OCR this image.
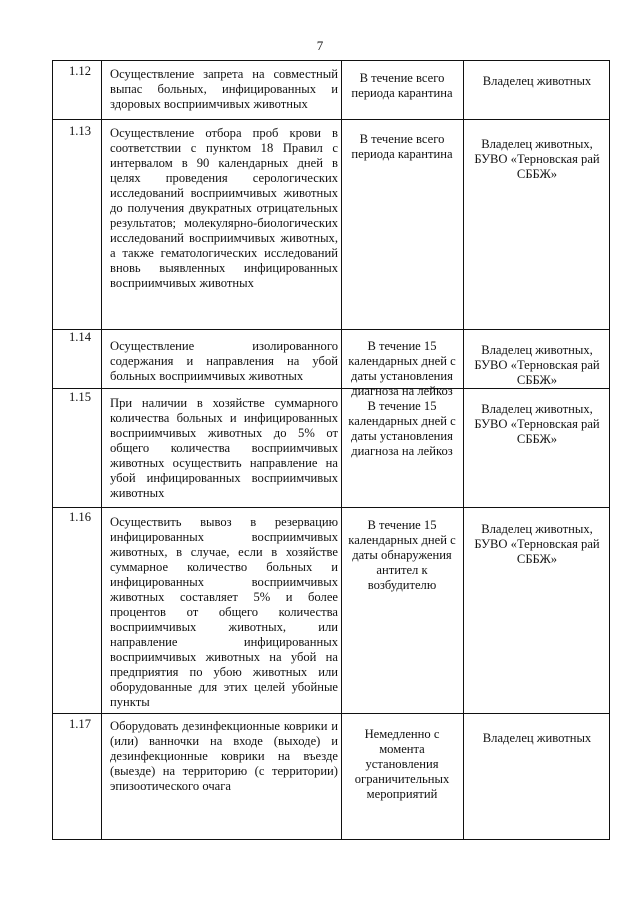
7
1.12	Осуществление запрета на совместный выпас больных, инфицированных и здоровых восприимчивых животных
В течение всего периода карантина
Владелец животных
1.13	Осуществление отбора проб крови в соответствии с пунктом 18 Правил с интервалом в 90 календарных дней в целях проведения серологических исследований восприимчивых животных до получения двукратных отрицательных результатов; молекулярно-биологических исследований восприимчивых животных, а также гематологических исследований вновь выявленных инфицированных восприимчивых животных
В течение всего периода карантина
Владелец животных, БУВО «Терновская рай СББЖ»
1.14
Осуществление изолированного содержания и направления на убой больных восприимчивых животных
В течение 15 календарных дней с даты установления диагноза на лейкоз
Владелец животных, БУВО «Терновская рай СББЖ»
1.15	При наличии в хозяйстве суммарного количества больных и инфицированных восприимчивых животных до 5% от общего количества восприимчивых животных осуществить направление на убой инфицированных восприимчивых животных
В течение 15 календарных дней с даты установления диагноза на лейкоз
Владелец животных, БУВО «Терновская рай СББЖ»
1.16	Осуществить вывоз в резервацию инфицированных восприимчивых животных, в случае, если в хозяйстве суммарное количество больных и инфицированных восприимчивых животных составляет 5% и более процентов от общего количества восприимчивых животных, или направление инфицированных восприимчивых животных на убой на предприятия по убою животных или оборудованные для этих целей убойные пункты
В течение 15 календарных дней с даты обнаружения антител к возбудителю
Владелец животных, БУВО «Терновская рай СББЖ»
1.17	Оборудовать дезинфекционные коврики и (или) ванночки на входе (выходе) и дезинфекционные коврики на въезде (выезде) на территорию (с территории) эпизоотического очага
Немедленно с момента установления ограничительных мероприятий
Владелец животных
